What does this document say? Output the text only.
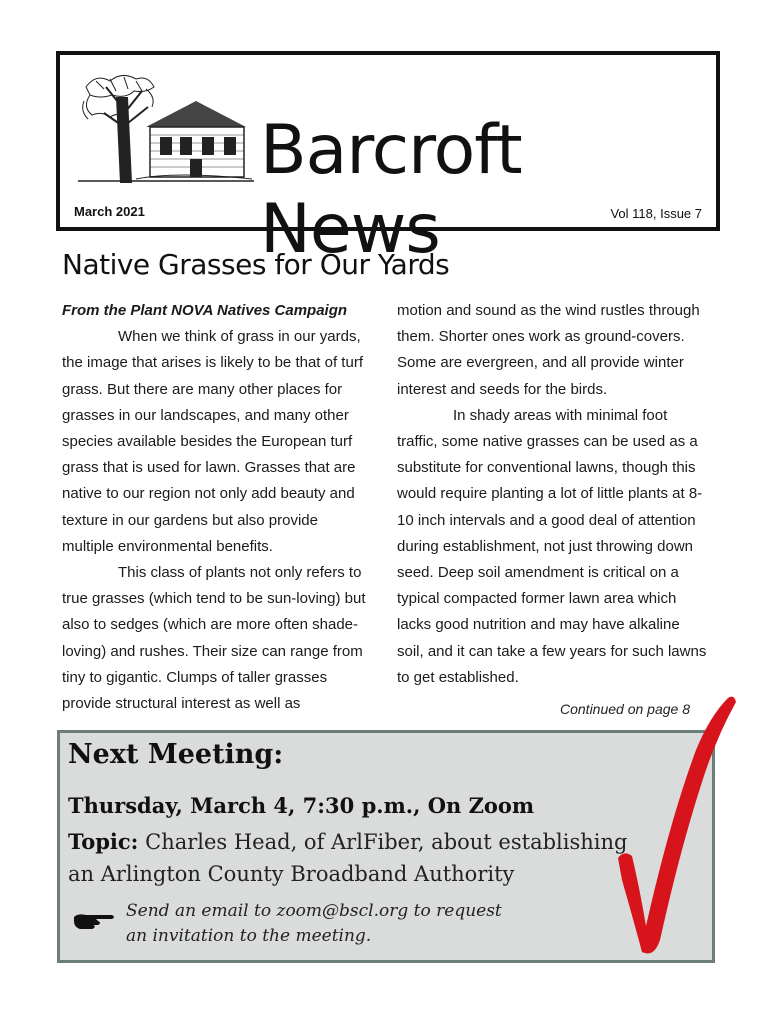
Barcroft News
March 2021	Vol 118, Issue 7
Native Grasses for Our Yards

From the Plant NOVA Natives Campaign

When we think of grass in our yards, the image that arises is likely to be that of turf grass. But there are many other places for grasses in our landscapes, and many other species available besides the European turf grass that is used for lawn. Grasses that are native to our region not only add beauty and texture in our gardens but also provide multiple environmental benefits.

This class of plants not only refers to true grasses (which tend to be sun-loving) but also to sedges (which are more often shade-loving) and rushes. Their size can range from tiny to gigantic. Clumps of taller grasses provide structural interest as well as

motion and sound as the wind rustles through them. Shorter ones work as ground-covers. Some are evergreen, and all provide winter interest and seeds for the birds.

In shady areas with minimal foot traffic, some native grasses can be used as a substitute for conventional lawns, though this would require planting a lot of little plants at 8-10 inch intervals and a good deal of attention during establishment, not just throwing down seed. Deep soil amendment is critical on a typical compacted former lawn area which lacks good nutrition and may have alkaline soil, and it can take a few years for such lawns to get established.

Continued on page 8
Next Meeting:
Thursday, March 4, 7:30 p.m., On Zoom
Topic: Charles Head, of ArlFiber, about establishing an Arlington County Broadband Authority
Send an email to zoom@bscl.org to request an invitation to the meeting.
